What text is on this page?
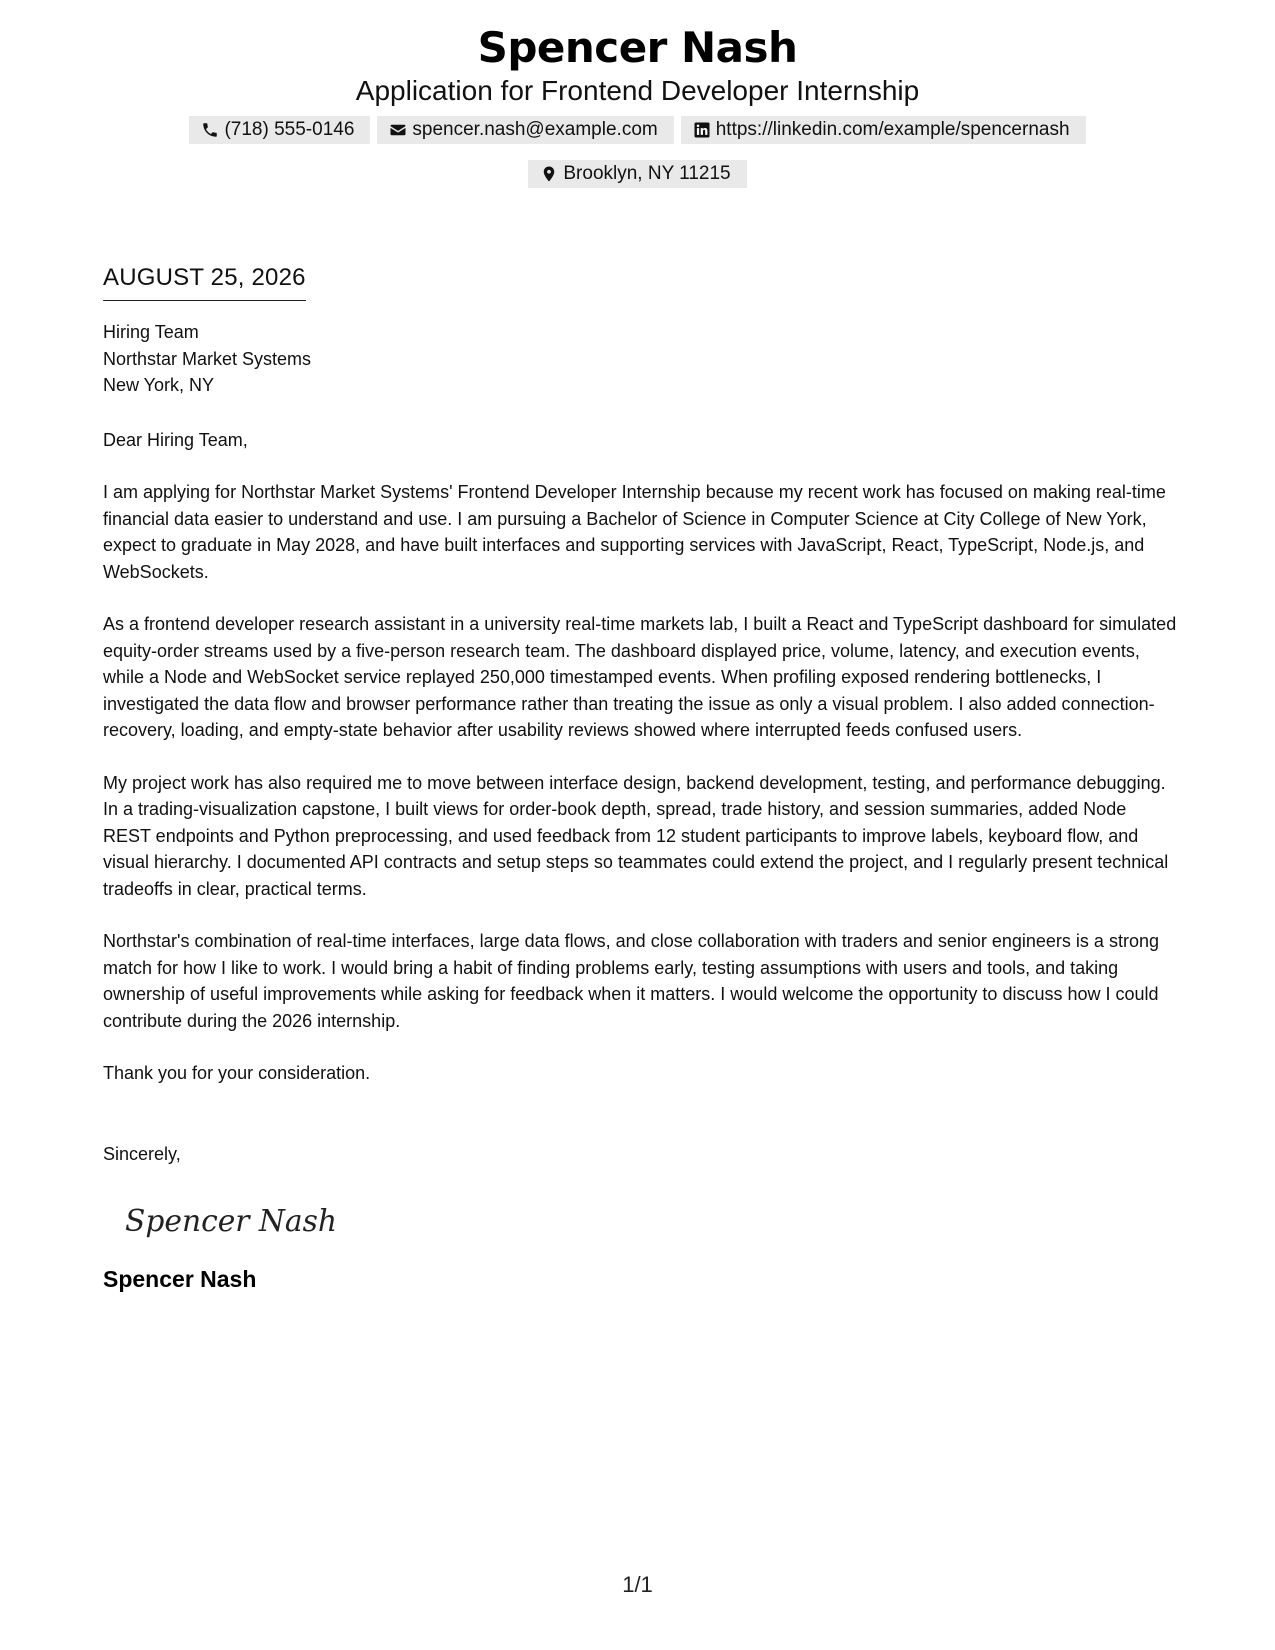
Spencer Nash
Application for Frontend Developer Internship
(718) 555-0146	spencer.nash@example.com	https://linkedin.com/example/spencernash
Brooklyn, NY 11215
AUGUST 25, 2026
Hiring Team
Northstar Market Systems
New York, NY

Dear Hiring Team,

I am applying for Northstar Market Systems' Frontend Developer Internship because my recent work has focused on making real-time financial data easier to understand and use. I am pursuing a Bachelor of Science in Computer Science at City College of New York, expect to graduate in May 2028, and have built interfaces and supporting services with JavaScript, React, TypeScript, Node.js, and WebSockets.

As a frontend developer research assistant in a university real-time markets lab, I built a React and TypeScript dashboard for simulated equity-order streams used by a five-person research team. The dashboard displayed price, volume, latency, and execution events, while a Node and WebSocket service replayed 250,000 timestamped events. When profiling exposed rendering bottlenecks, I investigated the data flow and browser performance rather than treating the issue as only a visual problem. I also added connection-recovery, loading, and empty-state behavior after usability reviews showed where interrupted feeds confused users.

My project work has also required me to move between interface design, backend development, testing, and performance debugging. In a trading-visualization capstone, I built views for order-book depth, spread, trade history, and session summaries, added Node REST endpoints and Python preprocessing, and used feedback from 12 student participants to improve labels, keyboard flow, and visual hierarchy. I documented API contracts and setup steps so teammates could extend the project, and I regularly present technical tradeoffs in clear, practical terms.

Northstar's combination of real-time interfaces, large data flows, and close collaboration with traders and senior engineers is a strong match for how I like to work. I would bring a habit of finding problems early, testing assumptions with users and tools, and taking ownership of useful improvements while asking for feedback when it matters. I would welcome the opportunity to discuss how I could contribute during the 2026 internship.

Thank you for your consideration.

Sincerely,

Spencer Nash
Spencer Nash
1/1
